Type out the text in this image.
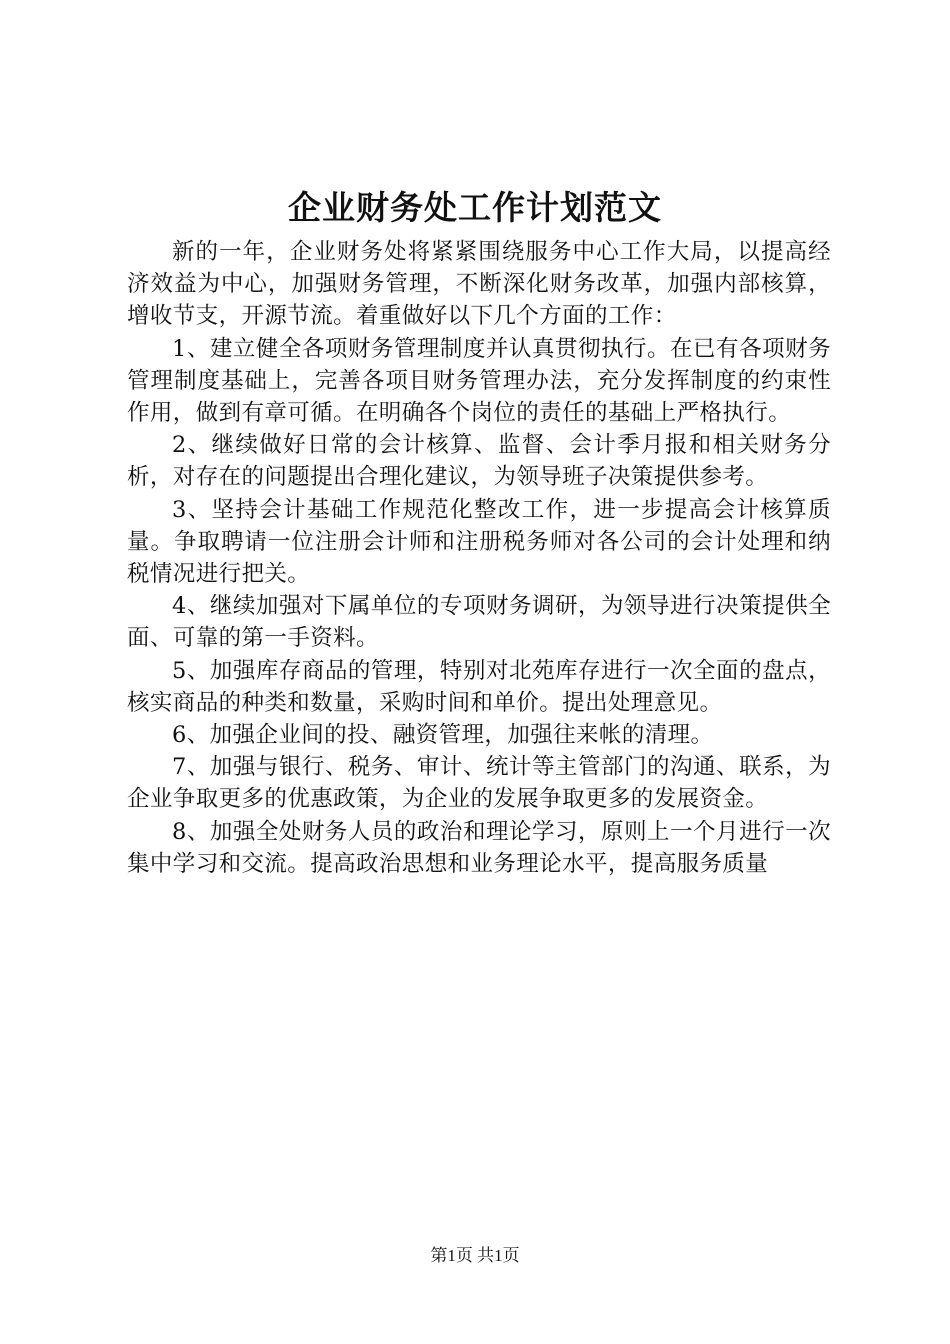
企业财务处工作计划范文

新的一年，企业财务处将紧紧围绕服务中心工作大局，以提高经济效益为中心，加强财务管理，不断深化财务改革，加强内部核算，增收节支，开源节流。着重做好以下几个方面的工作：

1、建立健全各项财务管理制度并认真贯彻执行。在已有各项财务管理制度基础上，完善各项目财务管理办法，充分发挥制度的约束性作用，做到有章可循。在明确各个岗位的责任的基础上严格执行。

2、继续做好日常的会计核算、监督、会计季月报和相关财务分析，对存在的问题提出合理化建议，为领导班子决策提供参考。

3、坚持会计基础工作规范化整改工作，进一步提高会计核算质量。争取聘请一位注册会计师和注册税务师对各公司的会计处理和纳税情况进行把关。

4、继续加强对下属单位的专项财务调研，为领导进行决策提供全面、可靠的第一手资料。

5、加强库存商品的管理，特别对北苑库存进行一次全面的盘点，核实商品的种类和数量，采购时间和单价。提出处理意见。

6、加强企业间的投、融资管理，加强往来帐的清理。

7、加强与银行、税务、审计、统计等主管部门的沟通、联系，为企业争取更多的优惠政策，为企业的发展争取更多的发展资金。

8、加强全处财务人员的政治和理论学习，原则上一个月进行一次集中学习和交流。提高政治思想和业务理论水平，提高服务质量

第1页 共1页
